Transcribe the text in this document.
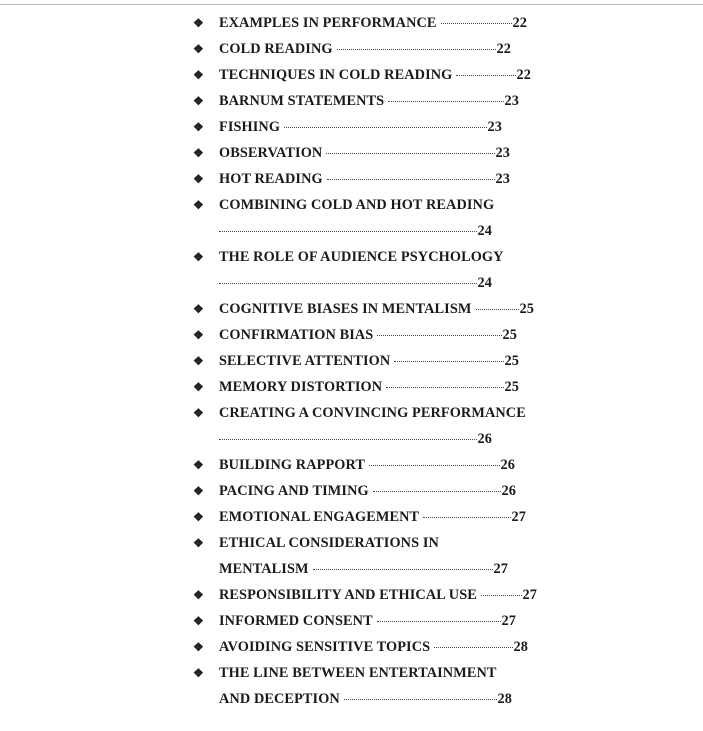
❖ EXAMPLES IN PERFORMANCE	22
❖ COLD READING	22
❖ TECHNIQUES IN COLD READING	22
❖ BARNUM STATEMENTS	23
❖ FISHING	23
❖ OBSERVATION	23
❖ HOT READING	23
❖ COMBINING COLD AND HOT READING
24
❖ THE ROLE OF AUDIENCE PSYCHOLOGY
24
❖ COGNITIVE BIASES IN MENTALISM	25
❖ CONFIRMATION BIAS	25
❖ SELECTIVE ATTENTION	25
❖ MEMORY DISTORTION	25
❖ CREATING A CONVINCING PERFORMANCE
26
❖ BUILDING RAPPORT	26
❖ PACING AND TIMING	26
❖ EMOTIONAL ENGAGEMENT	27
❖ ETHICAL CONSIDERATIONS IN
MENTALISM	27
❖ RESPONSIBILITY AND ETHICAL USE	27
❖ INFORMED CONSENT	27
❖ AVOIDING SENSITIVE TOPICS	28
❖ THE LINE BETWEEN ENTERTAINMENT
AND DECEPTION	28
